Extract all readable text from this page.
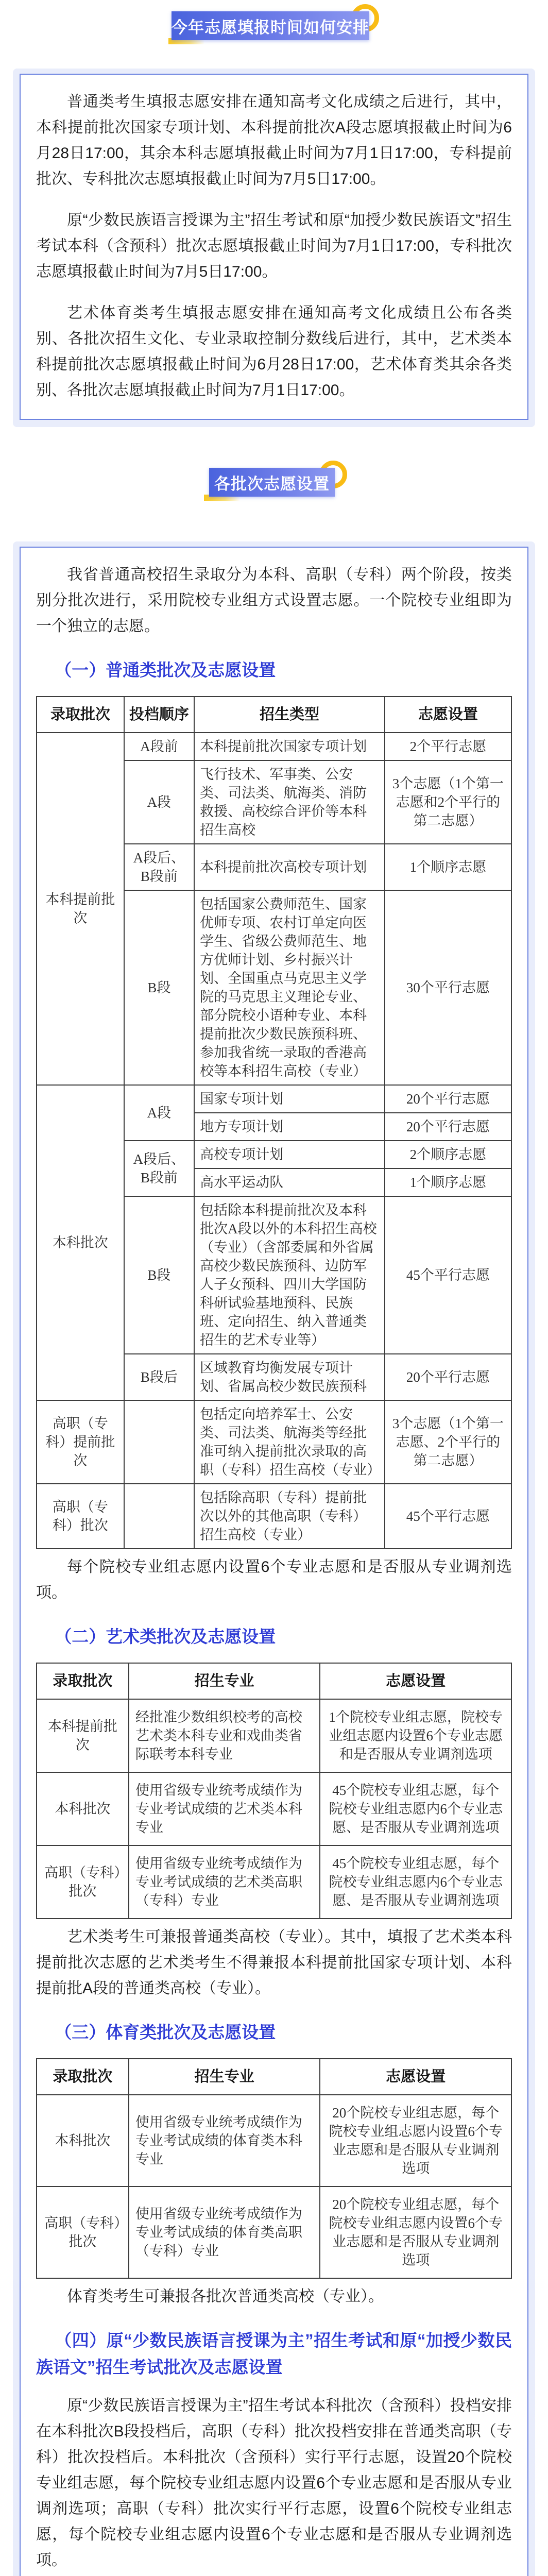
今年志愿填报时间如何安排

普通类考生填报志愿安排在通知高考文化成绩之后进行，其中，本科提前批次国家专项计划、本科提前批次A段志愿填报截止时间为6月28日17:00，其余本科志愿填报截止时间为7月1日17:00，专科提前批次、专科批次志愿填报截止时间为7月5日17:00。

原“少数民族语言授课为主”招生考试和原“加授少数民族语文”招生考试本科（含预科）批次志愿填报截止时间为7月1日17:00，专科批次志愿填报截止时间为7月5日17:00。

艺术体育类考生填报志愿安排在通知高考文化成绩且公布各类别、各批次招生文化、专业录取控制分数线后进行，其中，艺术类本科提前批次志愿填报截止时间为6月28日17:00，艺术体育类其余各类别、各批次志愿填报截止时间为7月1日17:00。

各批次志愿设置

我省普通高校招生录取分为本科、高职（专科）两个阶段，按类别分批次进行，采用院校专业组方式设置志愿。一个院校专业组即为一个独立的志愿。

（一）普通类批次及志愿设置
录取批次	投档顺序	招生类型	志愿设置
本科提前批次	A段前	本科提前批次国家专项计划	2个平行志愿
	A段	飞行技术、军事类、公安类、司法类、航海类、消防救援、高校综合评价等本科招生高校	3个志愿（1个第一志愿和2个平行的第二志愿）
	A段后、B段前	本科提前批次高校专项计划	1个顺序志愿
	B段	包括国家公费师范生、国家优师专项、农村订单定向医学生、省级公费师范生、地方优师计划、乡村振兴计划、全国重点马克思主义学院的马克思主义理论专业、部分院校小语种专业、本科提前批次少数民族预科班、参加我省统一录取的香港高校等本科招生高校（专业）	30个平行志愿
本科批次	A段	国家专项计划	20个平行志愿
		地方专项计划	20个平行志愿
	A段后、B段前	高校专项计划	2个顺序志愿
		高水平运动队	1个顺序志愿
	B段	包括除本科提前批次及本科批次A段以外的本科招生高校（专业）（含部委属和外省属高校少数民族预科、边防军人子女预科、四川大学国防科研试验基地预科、民族班、定向招生、纳入普通类招生的艺术专业等）	45个平行志愿
	B段后	区域教育均衡发展专项计划、省属高校少数民族预科	20个平行志愿
高职（专科）提前批次		包括定向培养军士、公安类、司法类、航海类等经批准可纳入提前批次录取的高职（专科）招生高校（专业）	3个志愿（1个第一志愿、2个平行的第二志愿）
高职（专科）批次		包括除高职（专科）提前批次以外的其他高职（专科）招生高校（专业）	45个平行志愿

每个院校专业组志愿内设置6个专业志愿和是否服从专业调剂选项。

（二）艺术类批次及志愿设置
录取批次	招生专业	志愿设置
本科提前批次	经批准少数组织校考的高校艺术类本科专业和戏曲类省际联考本科专业	1个院校专业组志愿，院校专业组志愿内设置6个专业志愿和是否服从专业调剂选项
本科批次	使用省级专业统考成绩作为专业考试成绩的艺术类本科专业	45个院校专业组志愿，每个院校专业组志愿内6个专业志愿、是否服从专业调剂选项
高职（专科）批次	使用省级专业统考成绩作为专业考试成绩的艺术类高职（专科）专业	45个院校专业组志愿，每个院校专业组志愿内6个专业志愿、是否服从专业调剂选项

艺术类考生可兼报普通类高校（专业）。其中，填报了艺术类本科提前批次志愿的艺术类考生不得兼报本科提前批国家专项计划、本科提前批A段的普通类高校（专业）。

（三）体育类批次及志愿设置
录取批次	招生专业	志愿设置
本科批次	使用省级专业统考成绩作为专业考试成绩的体育类本科专业	20个院校专业组志愿，每个院校专业组志愿内设置6个专业志愿和是否服从专业调剂选项
高职（专科）批次	使用省级专业统考成绩作为专业考试成绩的体育类高职（专科）专业	20个院校专业组志愿，每个院校专业组志愿内设置6个专业志愿和是否服从专业调剂选项

体育类考生可兼报各批次普通类高校（专业）。

（四）原“少数民族语言授课为主”招生考试和原“加授少数民族语文”招生考试批次及志愿设置

原“少数民族语言授课为主”招生考试本科批次（含预科）投档安排在本科批次B段投档后，高职（专科）批次投档安排在普通类高职（专科）批次投档后。本科批次（含预科）实行平行志愿，设置20个院校专业组志愿，每个院校专业组志愿内设置6个专业志愿和是否服从专业调剂选项；高职（专科）批次实行平行志愿，设置6个院校专业组志愿，每个院校专业组志愿内设置6个专业志愿和是否服从专业调剂选项。
